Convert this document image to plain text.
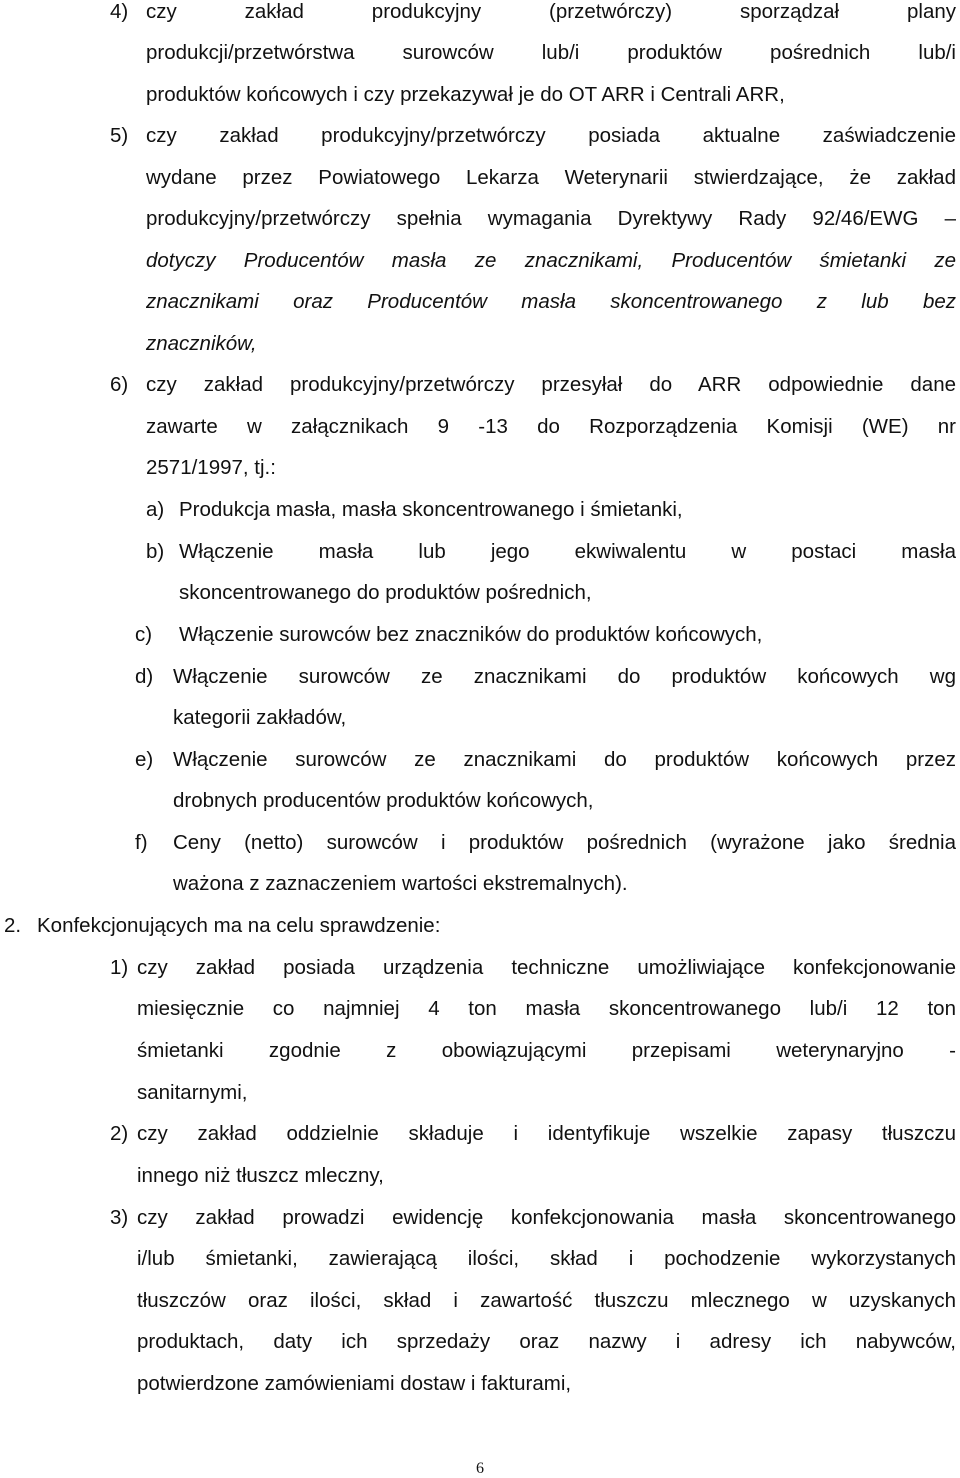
4) czy zakład produkcyjny (przetwórczy) sporządzał plany
produkcji/przetwórstwa surowców lub/i produktów pośrednich lub/i
produktów końcowych i czy przekazywał je do OT ARR i Centrali ARR,
5) czy zakład produkcyjny/przetwórczy posiada aktualne zaświadczenie
wydane przez Powiatowego Lekarza Weterynarii stwierdzające, że zakład
produkcyjny/przetwórczy spełnia wymagania Dyrektywy Rady 92/46/EWG –
dotyczy Producentów masła ze znacznikami, Producentów śmietanki ze
znacznikami oraz Producentów masła skoncentrowanego z lub bez
znaczników,
6) czy zakład produkcyjny/przetwórczy przesyłał do ARR odpowiednie dane
zawarte w załącznikach 9 -13 do Rozporządzenia Komisji (WE) nr
2571/1997, tj.:
a) Produkcja masła, masła skoncentrowanego i śmietanki,
b) Włączenie masła lub jego ekwiwalentu w postaci masła
skoncentrowanego do produktów pośrednich,
c) Włączenie surowców bez znaczników do produktów końcowych,
d) Włączenie surowców ze znacznikami do produktów końcowych wg
kategorii zakładów,
e) Włączenie surowców ze znacznikami do produktów końcowych przez
drobnych producentów produktów końcowych,
f) Ceny (netto) surowców i produktów pośrednich (wyrażone jako średnia
ważona z zaznaczeniem wartości ekstremalnych).
2. Konfekcjonujących ma na celu sprawdzenie:
1) czy zakład posiada urządzenia techniczne umożliwiające konfekcjonowanie
miesięcznie co najmniej 4 ton masła skoncentrowanego lub/i 12 ton
śmietanki zgodnie z obowiązującymi przepisami weterynaryjno -
sanitarnymi,
2) czy zakład oddzielnie składuje i identyfikuje wszelkie zapasy tłuszczu
innego niż tłuszcz mleczny,
3) czy zakład prowadzi ewidencję konfekcjonowania masła skoncentrowanego
i/lub śmietanki, zawierającą ilości, skład i pochodzenie wykorzystanych
tłuszczów oraz ilości, skład i zawartość tłuszczu mlecznego w uzyskanych
produktach, daty ich sprzedaży oraz nazwy i adresy ich nabywców,
potwierdzone zamówieniami dostaw i fakturami,
6
